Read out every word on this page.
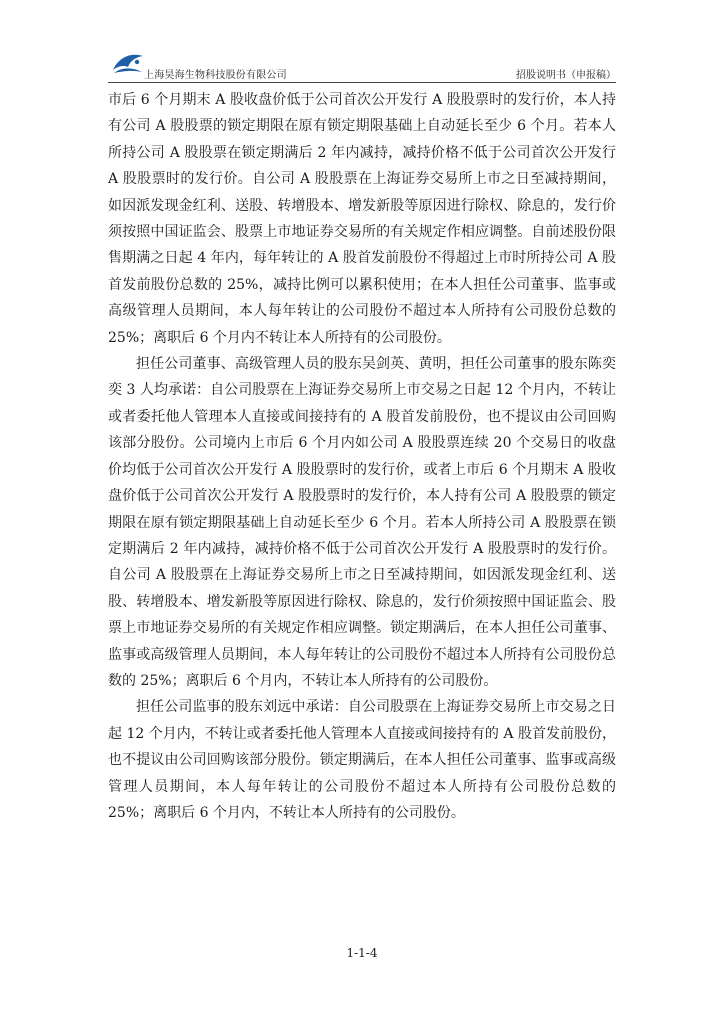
上海昊海生物科技股份有限公司	招股说明书（申报稿）

市后 6 个月期末 A 股收盘价低于公司首次公开发行 A 股股票时的发行价，本人持有公司 A 股股票的锁定期限在原有锁定期限基础上自动延长至少 6 个月。若本人所持公司 A 股股票在锁定期满后 2 年内减持，减持价格不低于公司首次公开发行 A 股股票时的发行价。自公司 A 股股票在上海证券交易所上市之日至减持期间，如因派发现金红利、送股、转增股本、增发新股等原因进行除权、除息的，发行价须按照中国证监会、股票上市地证券交易所的有关规定作相应调整。自前述股份限售期满之日起 4 年内，每年转让的 A 股首发前股份不得超过上市时所持公司 A 股首发前股份总数的 25%，减持比例可以累积使用；在本人担任公司董事、监事或高级管理人员期间，本人每年转让的公司股份不超过本人所持有公司股份总数的 25%；离职后 6 个月内不转让本人所持有的公司股份。

担任公司董事、高级管理人员的股东吴剑英、黄明，担任公司董事的股东陈奕奕 3 人均承诺：自公司股票在上海证券交易所上市交易之日起 12 个月内，不转让或者委托他人管理本人直接或间接持有的 A 股首发前股份，也不提议由公司回购该部分股份。公司境内上市后 6 个月内如公司 A 股股票连续 20 个交易日的收盘价均低于公司首次公开发行 A 股股票时的发行价，或者上市后 6 个月期末 A 股收盘价低于公司首次公开发行 A 股股票时的发行价，本人持有公司 A 股股票的锁定期限在原有锁定期限基础上自动延长至少 6 个月。若本人所持公司 A 股股票在锁定期满后 2 年内减持，减持价格不低于公司首次公开发行 A 股股票时的发行价。自公司 A 股股票在上海证券交易所上市之日至减持期间，如因派发现金红利、送股、转增股本、增发新股等原因进行除权、除息的，发行价须按照中国证监会、股票上市地证券交易所的有关规定作相应调整。锁定期满后，在本人担任公司董事、监事或高级管理人员期间，本人每年转让的公司股份不超过本人所持有公司股份总数的 25%；离职后 6 个月内，不转让本人所持有的公司股份。

担任公司监事的股东刘远中承诺：自公司股票在上海证券交易所上市交易之日起 12 个月内，不转让或者委托他人管理本人直接或间接持有的 A 股首发前股份，也不提议由公司回购该部分股份。锁定期满后，在本人担任公司董事、监事或高级管理人员期间，本人每年转让的公司股份不超过本人所持有公司股份总数的 25%；离职后 6 个月内，不转让本人所持有的公司股份。

1-1-4
